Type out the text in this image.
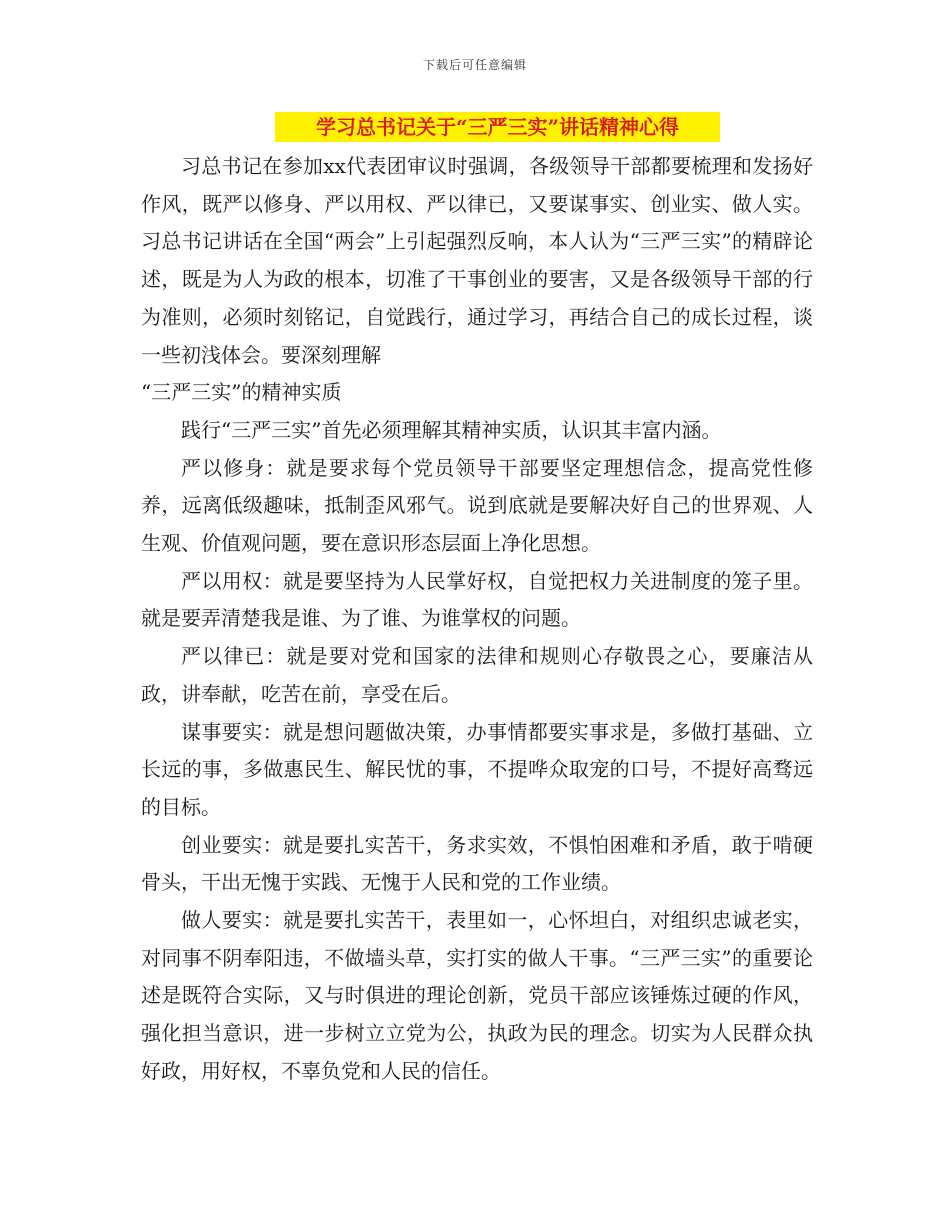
下载后可任意编辑
学习总书记关于“三严三实”讲话精神心得

习总书记在参加xx代表团审议时强调，各级领导干部都要梳理和发扬好作风，既严以修身、严以用权、严以律已，又要谋事实、创业实、做人实。习总书记讲话在全国“两会”上引起强烈反响，本人认为“三严三实”的精辟论述，既是为人为政的根本，切准了干事创业的要害，又是各级领导干部的行为准则，必须时刻铭记，自觉践行，通过学习，再结合自己的成长过程，谈一些初浅体会。要深刻理解

“三严三实”的精神实质

践行“三严三实”首先必须理解其精神实质，认识其丰富内涵。

严以修身：就是要求每个党员领导干部要坚定理想信念，提高党性修养，远离低级趣味，抵制歪风邪气。说到底就是要解决好自己的世界观、人生观、价值观问题，要在意识形态层面上净化思想。

严以用权：就是要坚持为人民掌好权，自觉把权力关进制度的笼子里。就是要弄清楚我是谁、为了谁、为谁掌权的问题。

严以律已：就是要对党和国家的法律和规则心存敬畏之心，要廉洁从政，讲奉献，吃苦在前，享受在后。

谋事要实：就是想问题做决策，办事情都要实事求是，多做打基础、立长远的事，多做惠民生、解民忧的事，不提哗众取宠的口号，不提好高骛远的目标。

创业要实：就是要扎实苦干，务求实效，不惧怕困难和矛盾，敢于啃硬骨头，干出无愧于实践、无愧于人民和党的工作业绩。

做人要实：就是要扎实苦干，表里如一，心怀坦白，对组织忠诚老实，对同事不阴奉阳违，不做墙头草，实打实的做人干事。“三严三实”的重要论述是既符合实际，又与时俱进的理论创新，党员干部应该锤炼过硬的作风，强化担当意识，进一步树立立党为公，执政为民的理念。切实为人民群众执好政，用好权，不辜负党和人民的信任。
